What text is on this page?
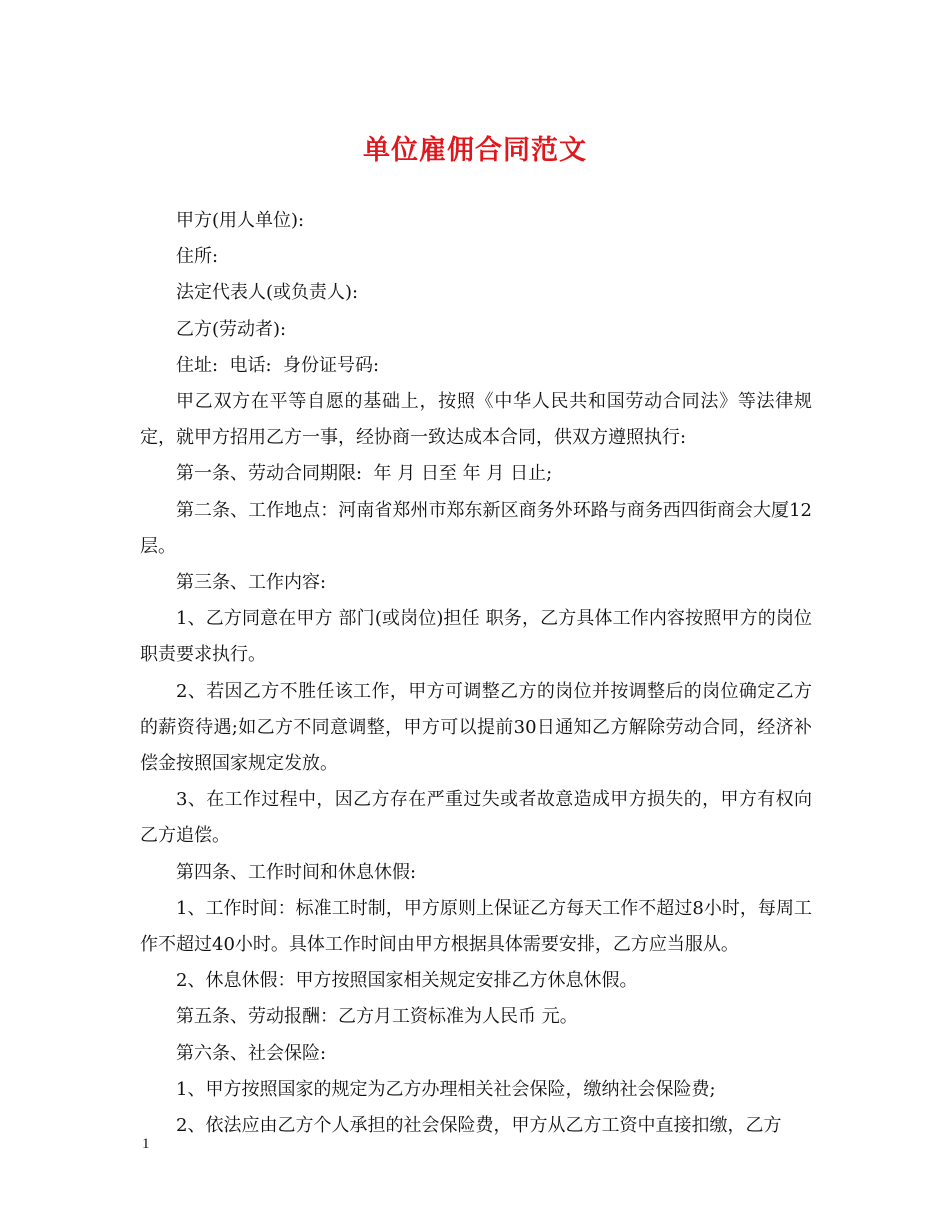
单位雇佣合同范文

甲方(用人单位):

住所:

法定代表人(或负责人):

乙方(劳动者):

住址:  电话:  身份证号码:

甲乙双方在平等自愿的基础上，按照《中华人民共和国劳动合同法》等法律规定，就甲方招用乙方一事，经协商一致达成本合同，供双方遵照执行:

第一条、劳动合同期限:  年 月 日至 年 月 日止;

第二条、工作地点：河南省郑州市郑东新区商务外环路与商务西四街商会大厦12层。

第三条、工作内容:

1、乙方同意在甲方 部门(或岗位)担任 职务，乙方具体工作内容按照甲方的岗位职责要求执行。

2、若因乙方不胜任该工作，甲方可调整乙方的岗位并按调整后的岗位确定乙方的薪资待遇;如乙方不同意调整，甲方可以提前30日通知乙方解除劳动合同，经济补偿金按照国家规定发放。

3、在工作过程中，因乙方存在严重过失或者故意造成甲方损失的，甲方有权向乙方追偿。

第四条、工作时间和休息休假:

1、工作时间：标准工时制，甲方原则上保证乙方每天工作不超过8小时，每周工作不超过40小时。具体工作时间由甲方根据具体需要安排，乙方应当服从。

2、休息休假：甲方按照国家相关规定安排乙方休息休假。

第五条、劳动报酬：乙方月工资标准为人民币 元。

第六条、社会保险:

1、甲方按照国家的规定为乙方办理相关社会保险，缴纳社会保险费;

2、依法应由乙方个人承担的社会保险费，甲方从乙方工资中直接扣缴，乙方

1
